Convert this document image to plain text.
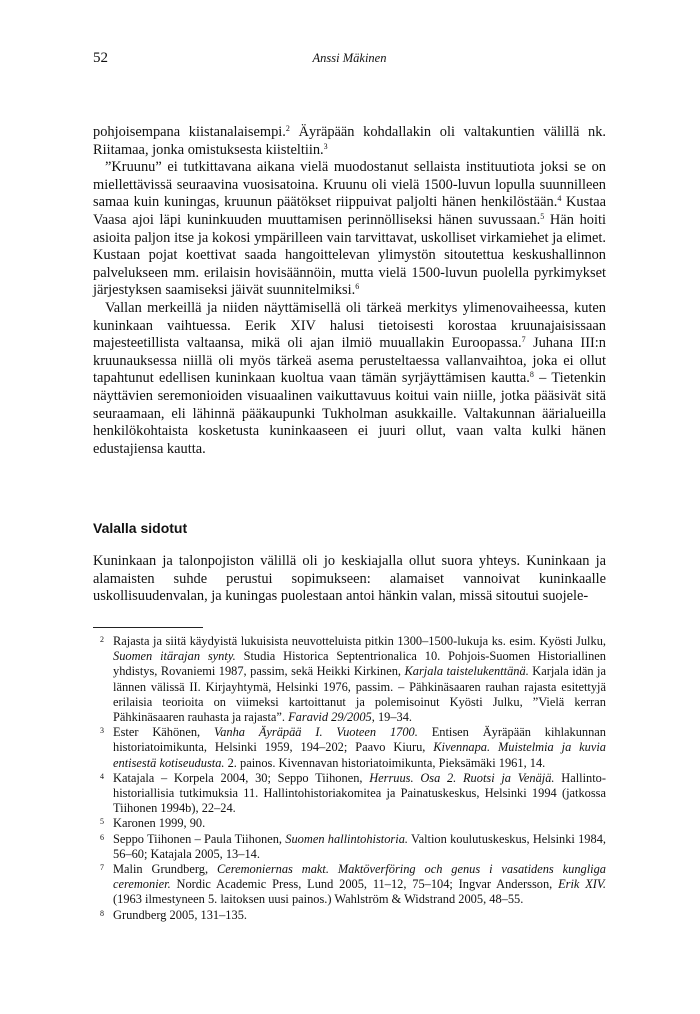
52	Anssi Mäkinen

pohjoisempana kiistanalaisempi.$^2$ Äyräpään kohdallakin oli valtakuntien välillä nk. Riitamaa, jonka omistuksesta kiisteltiin.$^3$

”Kruunu” ei tutkittavana aikana vielä muodostanut sellaista instituutiota joksi se on miellettävissä seuraavina vuosisatoina. Kruunu oli vielä 1500-luvun lopulla suunnilleen samaa kuin kuningas, kruunun päätökset riippuivat paljolti hänen henkilöstään.$^4$ Kustaa Vaasa ajoi läpi kuninkuuden muuttamisen perinnölliseksi hänen suvussaan.$^5$ Hän hoiti asioita paljon itse ja kokosi ympärilleen vain tarvittavat, uskolliset virkamiehet ja elimet. Kustaan pojat koettivat saada hangoittelevan ylimystön sitoutettua keskushallinnon palvelukseen mm. erilaisin hovisäännöin, mutta vielä 1500-luvun puolella pyrkimykset järjestyksen saamiseksi jäivät suunnitelmiksi.$^6$

Vallan merkeillä ja niiden näyttämisellä oli tärkeä merkitys ylimenovaiheessa, kuten kuninkaan vaihtuessa. Eerik XIV halusi tietoisesti korostaa kruunajaisissaan majesteetillista valtaansa, mikä oli ajan ilmiö muuallakin Euroopassa.$^7$ Juhana III:n kruunauksessa niillä oli myös tärkeä asema perusteltaessa vallanvaihtoa, joka ei ollut tapahtunut edellisen kuninkaan kuoltua vaan tämän syrjäyttämisen kautta.$^8$ – Tietenkin näyttävien seremonioiden visuaalinen vaikuttavuus koitui vain niille, jotka pääsivät sitä seuraamaan, eli lähinnä pääkaupunki Tukholman asukkaille. Valtakunnan äärialueilla henkilökohtaista kosketusta kuninkaaseen ei juuri ollut, vaan valta kulki hänen edustajiensa kautta.

Valalla sidotut

Kuninkaan ja talonpojiston välillä oli jo keskiajalla ollut suora yhteys. Kuninkaan ja alamaisten suhde perustui sopimukseen: alamaiset vannoivat kuninkaalle uskollisuudenvalan, ja kuningas puolestaan antoi hänkin valan, missä sitoutui suojele-

2 Rajasta ja siitä käydyistä lukuisista neuvotteluista pitkin 1300–1500-lukuja ks. esim. Kyösti Julku, Suomen itärajan synty. Studia Historica Septentrionalica 10. Pohjois-Suomen Historiallinen yhdistys, Rovaniemi 1987, passim, sekä Heikki Kirkinen, Karjala taistelukenttänä. Karjala idän ja lännen välissä II. Kirjayhtymä, Helsinki 1976, passim. – Pähkinäsaaren rauhan rajasta esitettyjä erilaisia teorioita on viimeksi kartoittanut ja polemisoinut Kyösti Julku, ”Vielä kerran Pähkinäsaaren rauhasta ja rajasta”. Faravid 29/2005, 19–34.
3 Ester Kähönen, Vanha Äyräpää I. Vuoteen 1700. Entisen Äyräpään kihlakunnan historiatoimikunta, Helsinki 1959, 194–202; Paavo Kiuru, Kivennapa. Muistelmia ja kuvia entisestä kotiseudusta. 2. painos. Kivennavan historiatoimikunta, Pieksämäki 1961, 14.
4 Katajala – Korpela 2004, 30; Seppo Tiihonen, Herruus. Osa 2. Ruotsi ja Venäjä. Hallinto-historiallisia tutkimuksia 11. Hallintohistoriakomitea ja Painatuskeskus, Helsinki 1994 (jatkossa Tiihonen 1994b), 22–24.
5 Karonen 1999, 90.
6 Seppo Tiihonen – Paula Tiihonen, Suomen hallintohistoria. Valtion koulutuskeskus, Helsinki 1984, 56–60; Katajala 2005, 13–14.
7 Malin Grundberg, Ceremoniernas makt. Maktöverföring och genus i vasatidens kungliga ceremonier. Nordic Academic Press, Lund 2005, 11–12, 75–104; Ingvar Andersson, Erik XIV. (1963 ilmestyneen 5. laitoksen uusi painos.) Wahlström & Widstrand 2005, 48–55.
8 Grundberg 2005, 131–135.
